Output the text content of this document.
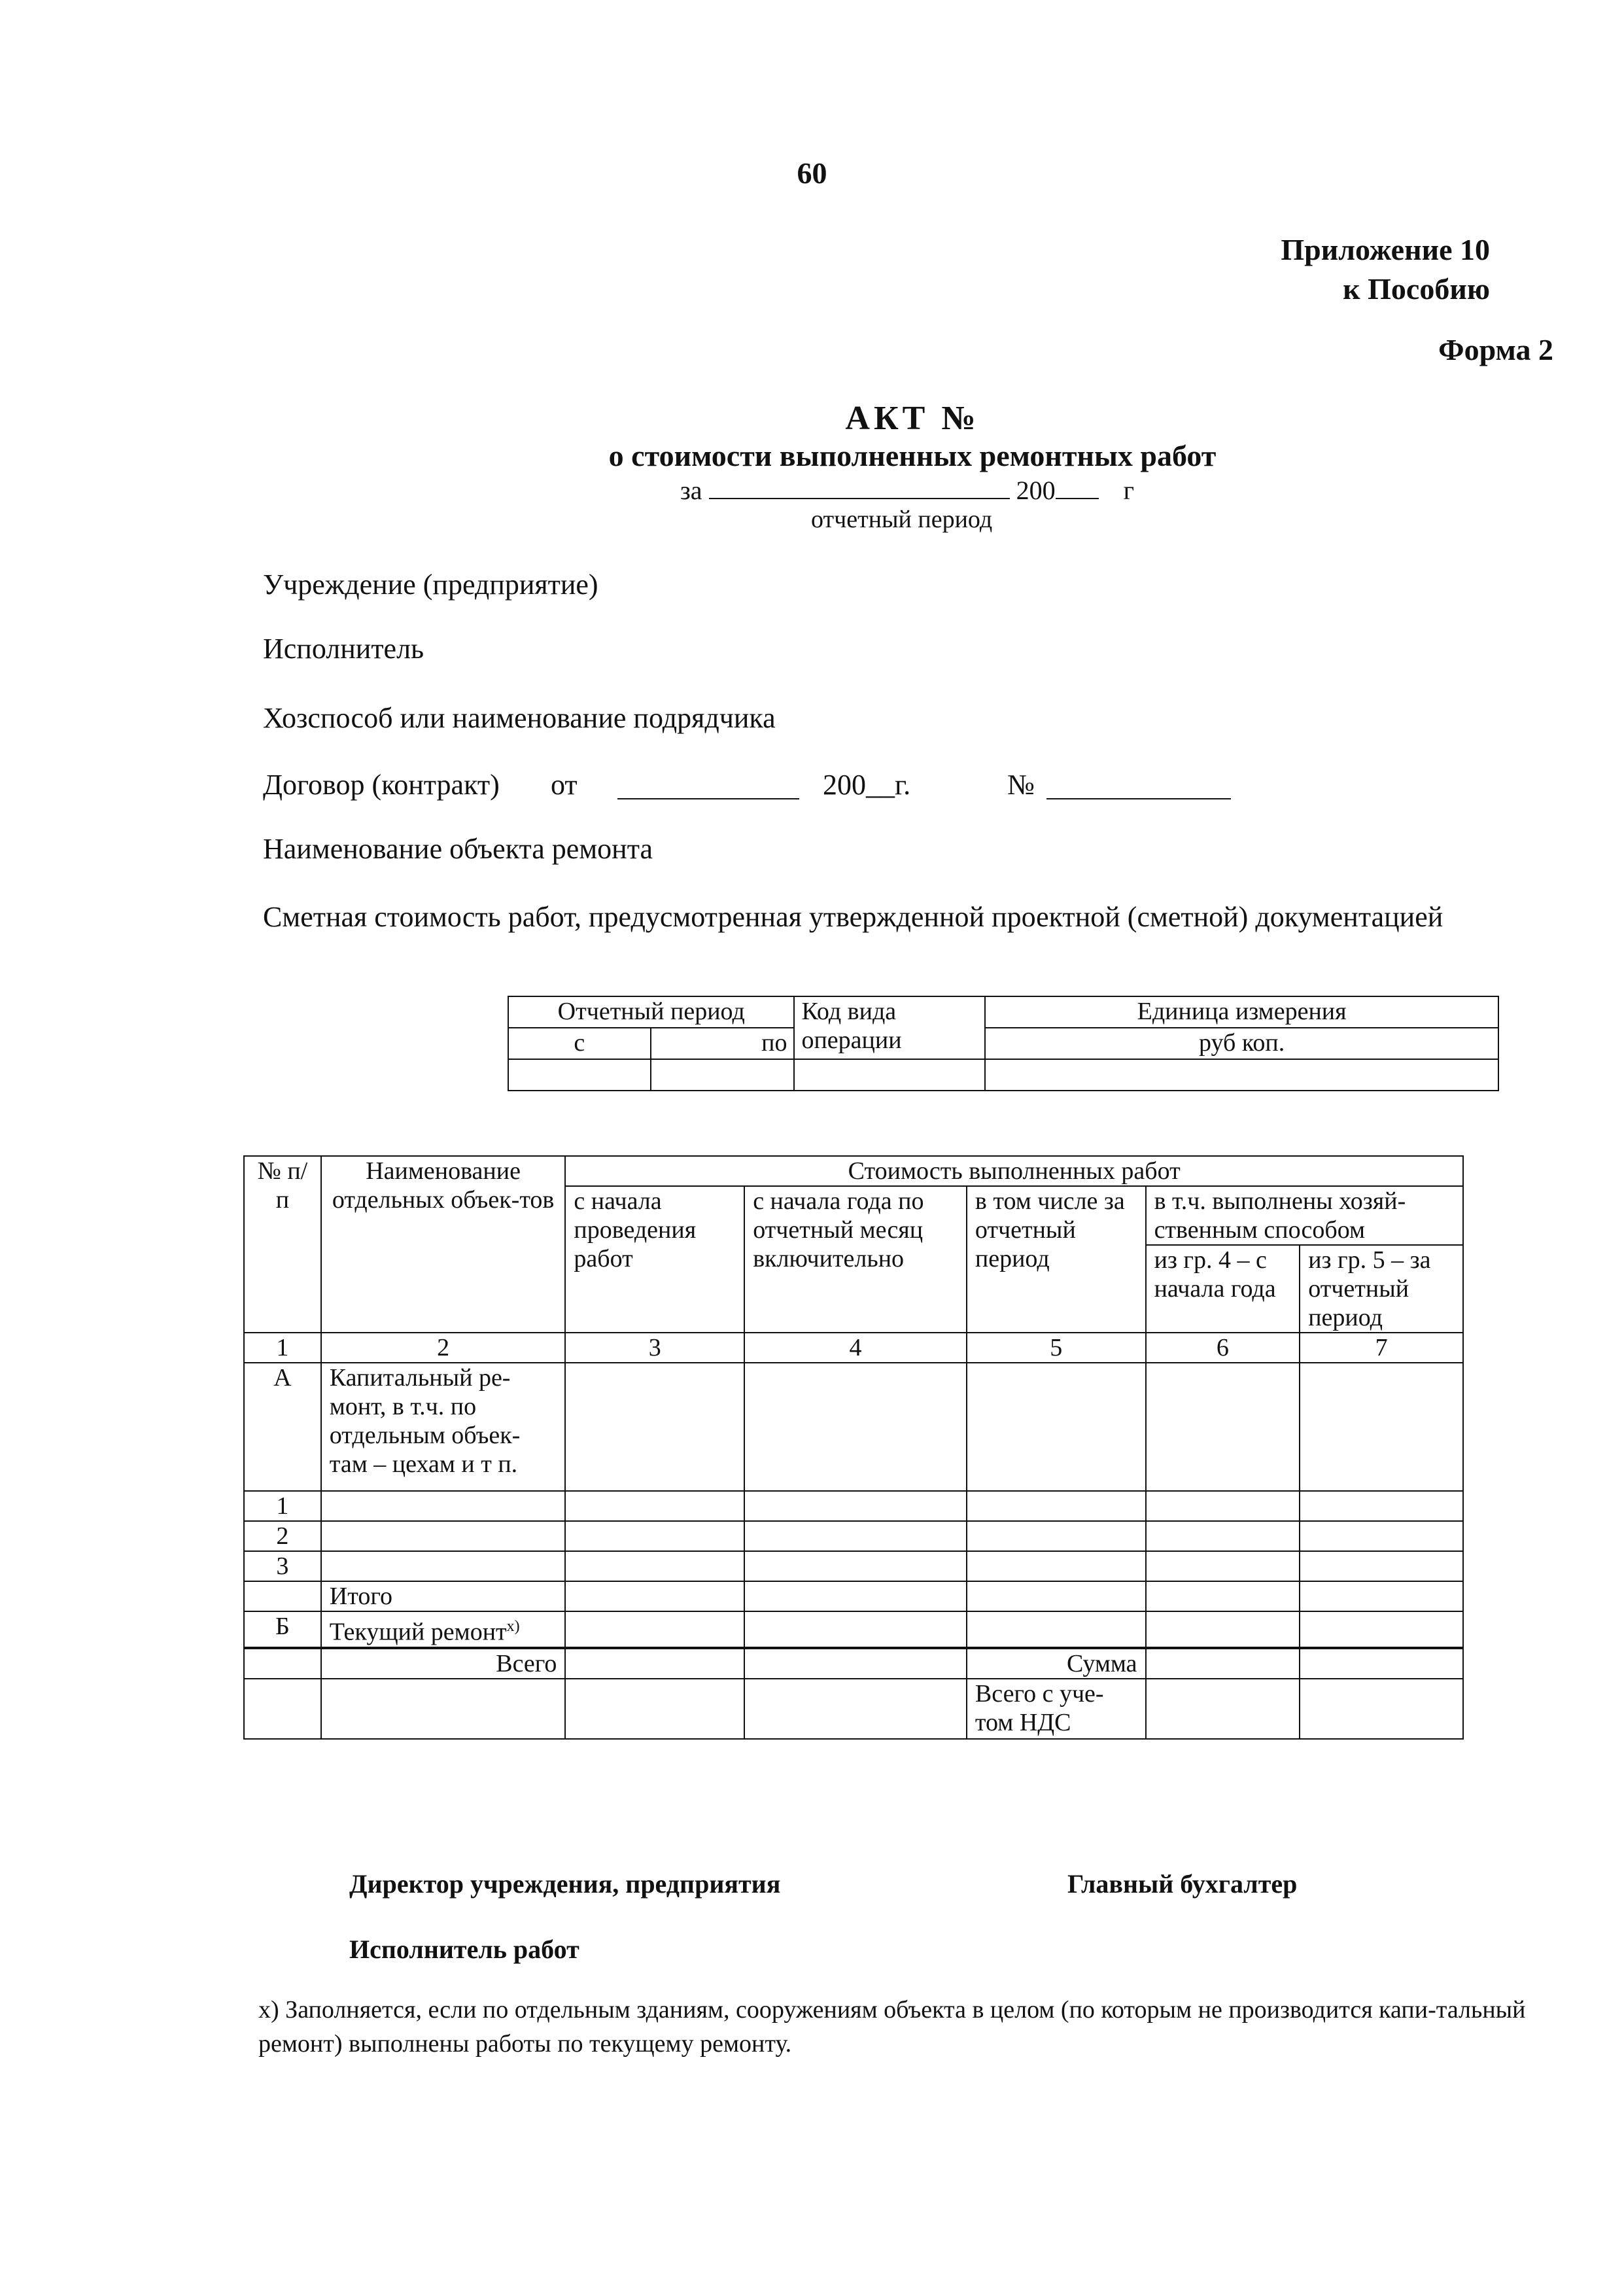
60
Приложение 10
к Пособию
Форма 2
АКТ №
о стоимости выполненных ремонтных работ
за	200	г
отчетный период
Учреждение (предприятие)
Исполнитель
Хозспособ или наименование подрядчика
Договор (контракт) от	200__г.	№
Наименование объекта ремонта
Сметная стоимость работ, предусмотренная утвержденной проектной (сметной) документацией
Отчетный период		Код вида операции	Единица измерения
с	по		руб коп.

№ п/п	Наименование отдельных объек-тов	Стоимость выполненных работ				
		с начала проведения работ	с начала года по отчетный месяц включительно	в том числе за отчетный период	в т.ч. выполнены хозяй-ственным способом	
					из гр. 4 – с начала года	из гр. 5 – за отчетный период
1	2	3	4	5	6	7
А	Капитальный ре-монт, в т.ч. по отдельным объек-там – цехам и т п.					
1						
2						
3						
	Итого					
Б	Текущий ремонт$^{x)}$					

	Всего			Сумма		
				Всего с уче-том НДС		
Директор учреждения, предприятия	Главный бухгалтер
Исполнитель работ
х) Заполняется, если по отдельным зданиям, сооружениям объекта в целом (по которым не производится капи-тальный ремонт) выполнены работы по текущему ремонту.
